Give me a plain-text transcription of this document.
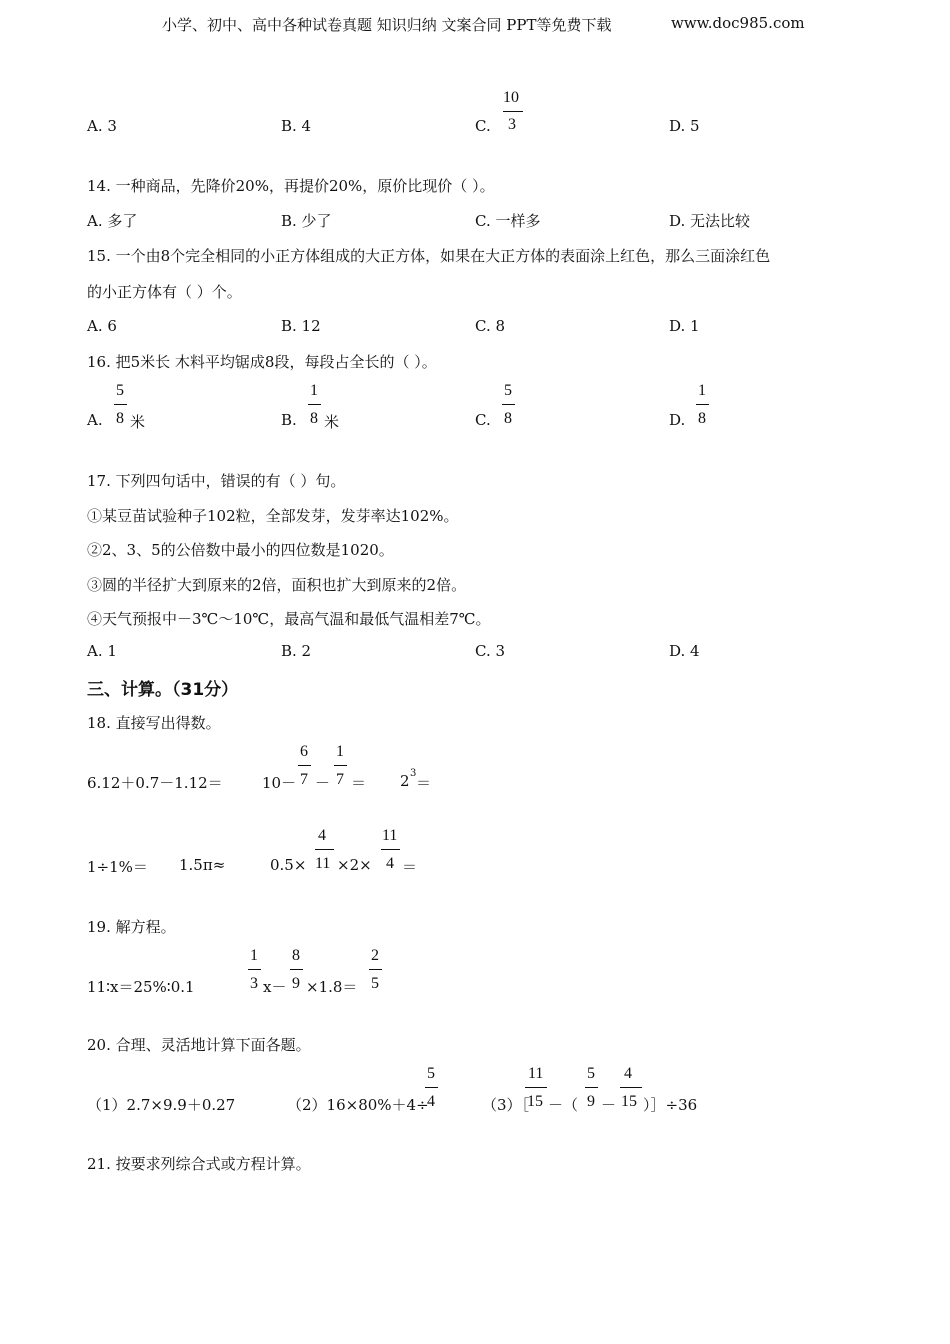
小学、初中、高中各种试卷真题 知识归纳 文案合同 PPT等免费下载	www.doc985.com
A. 3	B. 4	C.
10
3	D. 5
14. 一种商品，先降价20%，再提价20%，原价比现价（ ）。
A. 多了	B. 少了	C. 一样多	D. 无法比较
15. 一个由8个完全相同的小正方体组成的大正方体，如果在大正方体的表面涂上红色，那么三面涂红色
的小正方体有（ ）个。
A. 6	B. 12	C. 8	D. 1
16. 把5米长 木料平均锯成8段，每段占全长的（ ）。
A.
5
8 米	B.
1
8 米	C.
5
8	D.
1
8
17. 下列四句话中，错误的有（ ）句。
①某豆苗试验种子102粒，全部发芽，发芽率达102%。
②2、3、5的公倍数中最小的四位数是1020。
③圆的半径扩大到原来的2倍，面积也扩大到原来的2倍。
④天气预报中－3℃～10℃，最高气温和最低气温相差7℃。
A. 1	B. 2	C. 3	D. 4
三、计算。（31分）
18. 直接写出得数。
6.12＋0.7－1.12＝	10－
6
7 －
1
7 ＝ 2 3
＝
1÷1%＝ 1.5π≈	0.5×
4
11 ×2×
11
4 ＝
19. 解方程。
11∶x＝25%∶0.1
1
3 x－
8
9 ×1.8＝
2
5
20. 合理、灵活地计算下面各题。
（1）2.7×9.9＋0.27	（2）16×80%＋4÷
5
4	（3）［
11
15 －（
5
9 －
4
15 ）］÷36
21. 按要求列综合式或方程计算。
